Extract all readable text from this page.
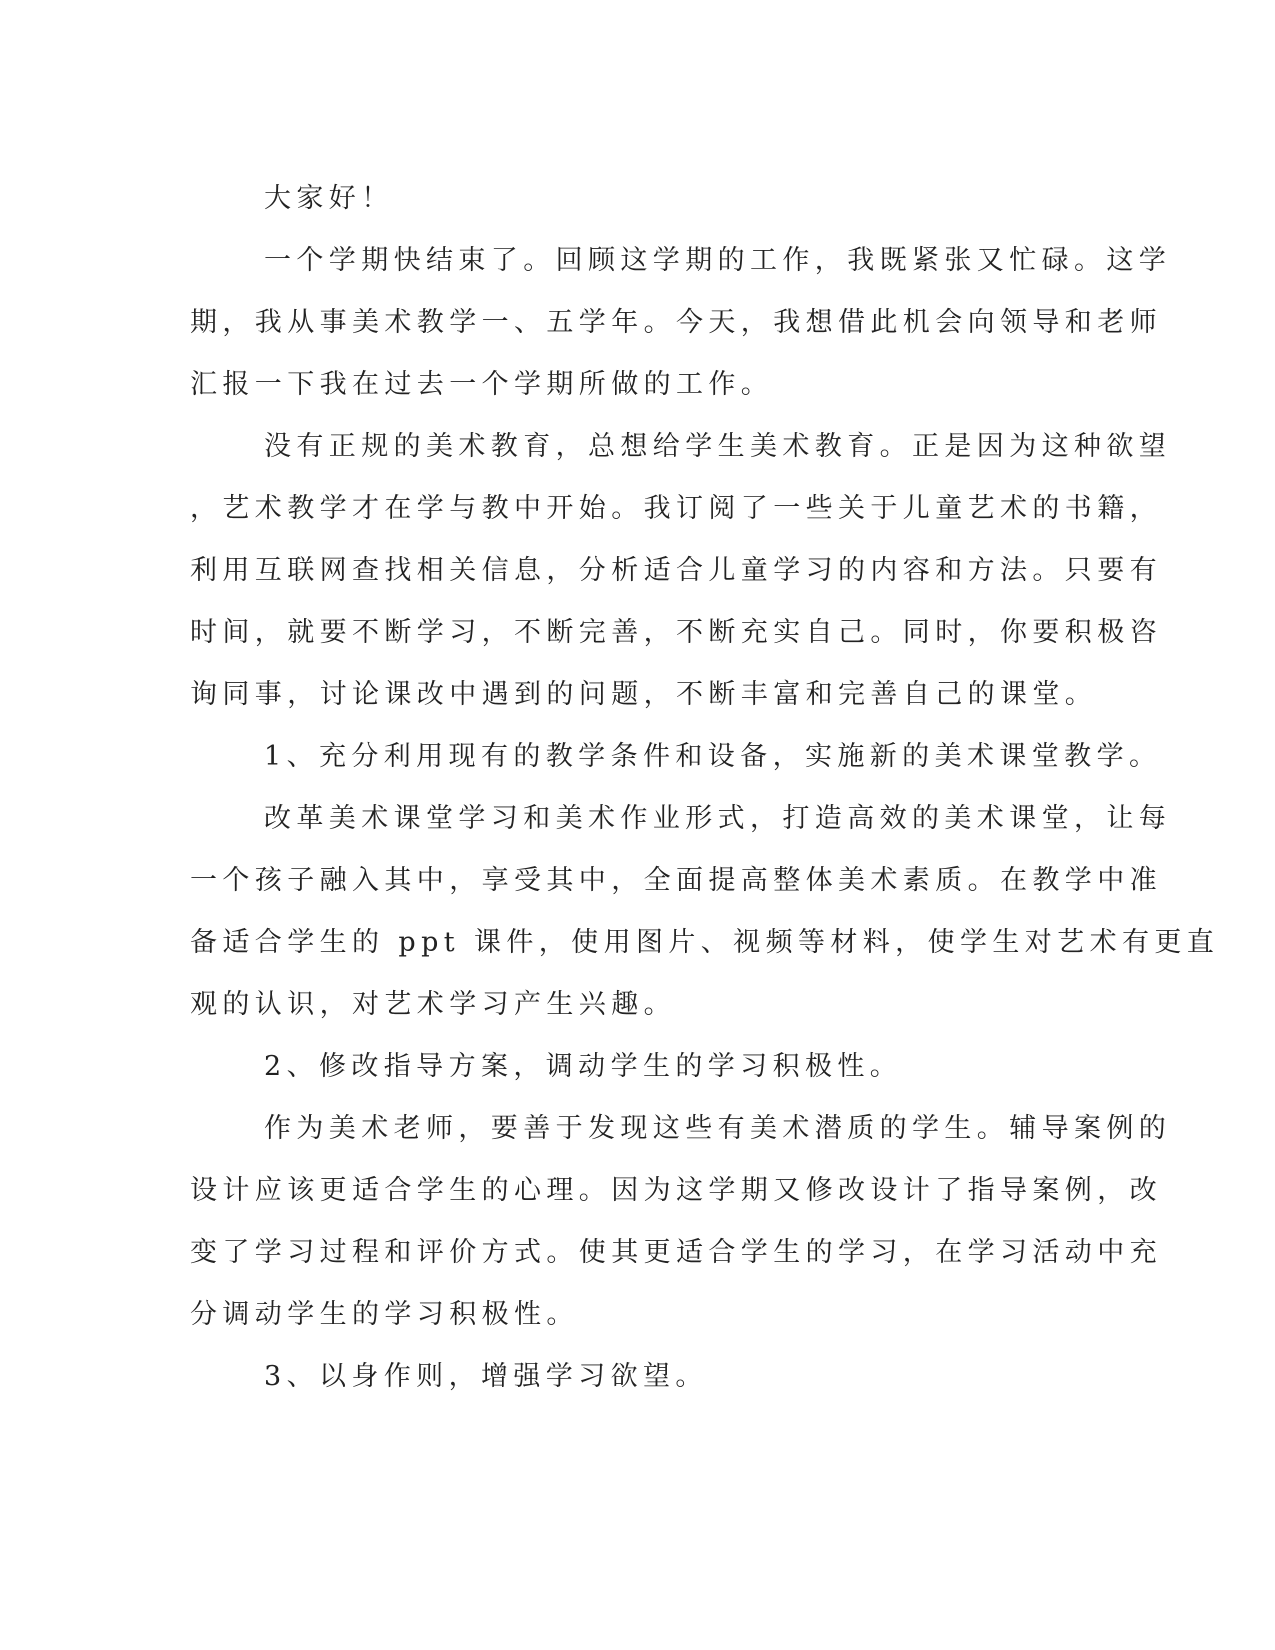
大家好！
一个学期快结束了。回顾这学期的工作，我既紧张又忙碌。这学
期，我从事美术教学一、五学年。今天，我想借此机会向领导和老师
汇报一下我在过去一个学期所做的工作。
没有正规的美术教育，总想给学生美术教育。正是因为这种欲望
，艺术教学才在学与教中开始。我订阅了一些关于儿童艺术的书籍，
利用互联网查找相关信息，分析适合儿童学习的内容和方法。只要有
时间，就要不断学习，不断完善，不断充实自己。同时，你要积极咨
询同事，讨论课改中遇到的问题，不断丰富和完善自己的课堂。
1、充分利用现有的教学条件和设备，实施新的美术课堂教学。
改革美术课堂学习和美术作业形式，打造高效的美术课堂，让每
一个孩子融入其中，享受其中，全面提高整体美术素质。在教学中准
备适合学生的 ppt 课件，使用图片、视频等材料，使学生对艺术有更直
观的认识，对艺术学习产生兴趣。
2、修改指导方案，调动学生的学习积极性。
作为美术老师，要善于发现这些有美术潜质的学生。辅导案例的
设计应该更适合学生的心理。因为这学期又修改设计了指导案例，改
变了学习过程和评价方式。使其更适合学生的学习，在学习活动中充
分调动学生的学习积极性。
3、以身作则，增强学习欲望。
